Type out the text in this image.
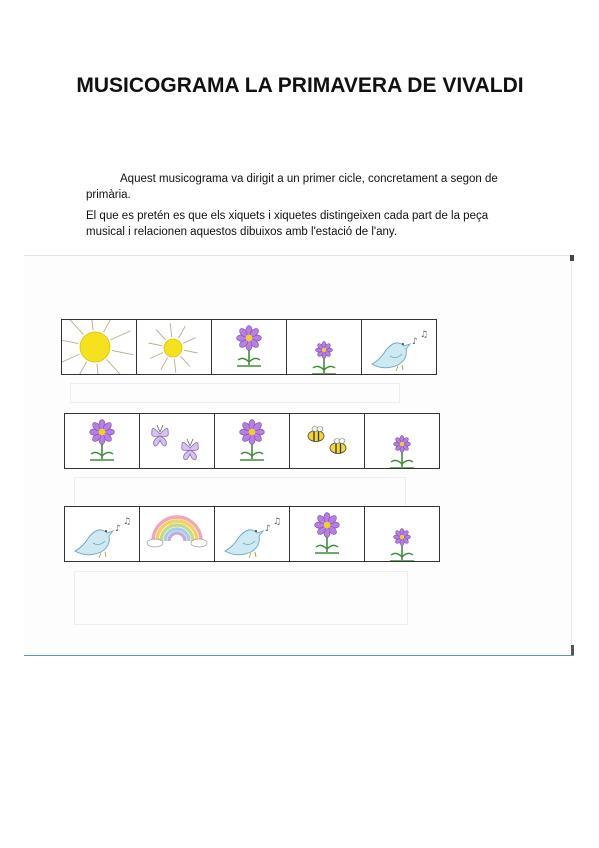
MUSICOGRAMA LA PRIMAVERA DE VIVALDI

Aquest musicograma va dirigit a un primer cicle, concretament a segon de primària.

El que es pretén es que els xiquets i xiquetes distingeixen cada part de la peça musical i relacionen aquestos dibuixos amb l'estació de l'any.

♪
♫
♪
♫
♪
♫
